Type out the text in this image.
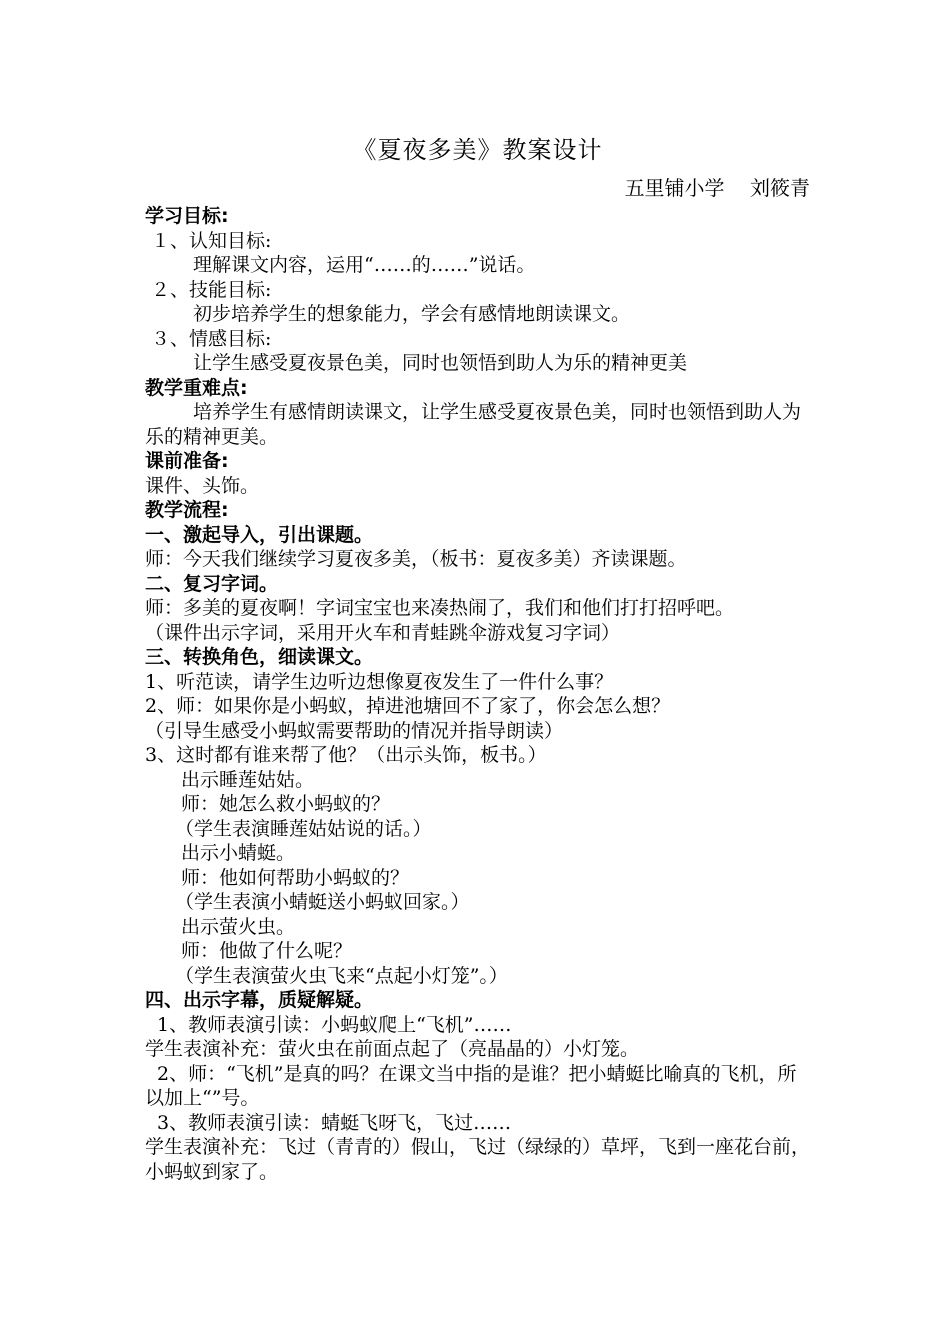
《夏夜多美》教案设计
五里铺小学    刘筱青
学习目标:
１、认知目标:
理解课文内容，运用“……的……”说话。
２、技能目标:
初步培养学生的想象能力，学会有感情地朗读课文。
３、情感目标:
让学生感受夏夜景色美，同时也领悟到助人为乐的精神更美
教学重难点:
培养学生有感情朗读课文，让学生感受夏夜景色美，同时也领悟到助人为乐的精神更美。
课前准备:
课件、头饰。
教学流程:
一、激起导入，引出课题。
师：今天我们继续学习夏夜多美，（板书：夏夜多美）齐读课题。
二、复习字词。
师：多美的夏夜啊！字词宝宝也来凑热闹了，我们和他们打打招呼吧。
（课件出示字词，采用开火车和青蛙跳伞游戏复习字词）
三、转换角色，细读课文。
1、听范读，请学生边听边想像夏夜发生了一件什么事？
2、师：如果你是小蚂蚁，掉进池塘回不了家了，你会怎么想？
（引导生感受小蚂蚁需要帮助的情况并指导朗读）
3、这时都有谁来帮了他？（出示头饰，板书。）
出示睡莲姑姑。
师：她怎么救小蚂蚁的？
（学生表演睡莲姑姑说的话。）
出示小蜻蜓。
师：他如何帮助小蚂蚁的？
（学生表演小蜻蜓送小蚂蚁回家。）
出示萤火虫。
师：他做了什么呢？
（学生表演萤火虫飞来“点起小灯笼”。）
四、出示字幕，质疑解疑。
1、教师表演引读：小蚂蚁爬上“飞机”……
学生表演补充：萤火虫在前面点起了（亮晶晶的）小灯笼。
2、师：“飞机”是真的吗？在课文当中指的是谁？把小蜻蜓比喻真的飞机，所以加上“”号。
3、教师表演引读：蜻蜓飞呀飞，飞过……
学生表演补充：飞过（青青的）假山，飞过（绿绿的）草坪，飞到一座花台前，小蚂蚁到家了。
